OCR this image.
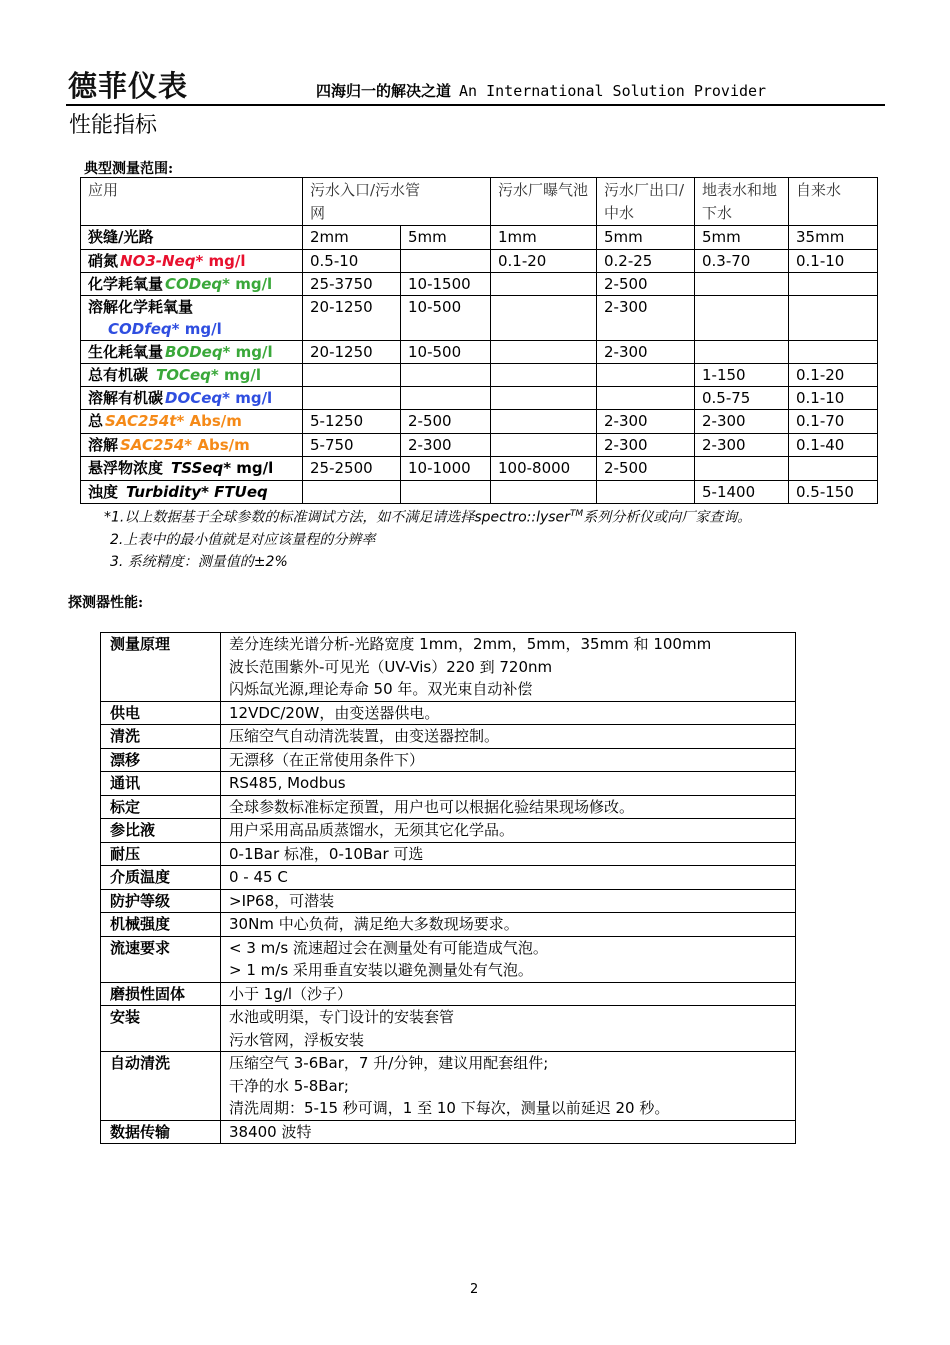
德菲仪表	四海归一的解决之道 An International Solution Provider
性能指标
典型测量范围:
应用	污水入口/污水管网		污水厂曝气池	污水厂出口/中水	地表水和地下水	自来水
狭缝/光路	2mm	5mm	1mm	5mm	5mm	35mm
硝氮 NO3-Neq* mg/l	0.5-10		0.1-20	0.2-25	0.3-70	0.1-10
化学耗氧量 CODeq* mg/l	25-3750	10-1500		2-500		
溶解化学耗氧量
CODfeq* mg/l	20-1250	10-500		2-300		
生化耗氧量 BODeq* mg/l	20-1250	10-500		2-300		
总有机碳 TOCeq* mg/l					1-150	0.1-20
溶解有机碳 DOCeq* mg/l					0.5-75	0.1-10
总 SAC254t* Abs/m	5-1250	2-500		2-300	2-300	0.1-70
溶解 SAC254* Abs/m	5-750	2-300		2-300	2-300	0.1-40
悬浮物浓度 TSSeq* mg/l	25-2500	10-1000	100-8000	2-500		
浊度 Turbidity* FTUeq					5-1400	0.5-150
*1.以上数据基于全球参数的标准调试方法，如不满足请选择spectro::lyser™系列分析仪或向厂家查询。
2.上表中的最小值就是对应该量程的分辨率
3. 系统精度：测量值的±2%
探测器性能:
测量原理	差分连续光谱分析-光路宽度 1mm，2mm，5mm，35mm 和 100mm
波长范围紫外-可见光（UV-Vis）220 到 720nm
闪烁氙光源,理论寿命 50 年。双光束自动补偿

供电	12VDC/20W，由变送器供电。

清洗	压缩空气自动清洗装置，由变送器控制。

漂移	无漂移（在正常使用条件下）

通讯	RS485, Modbus

标定	全球参数标准标定预置，用户也可以根据化验结果现场修改。

参比液	用户采用高品质蒸馏水，无须其它化学品。

耐压	0-1Bar 标准，0-10Bar 可选

介质温度	0 - 45 C

防护等级	>IP68，可潜装

机械强度	30Nm 中心负荷，满足绝大多数现场要求。

流速要求	< 3 m/s 流速超过会在测量处有可能造成气泡。
> 1 m/s 采用垂直安装以避免测量处有气泡。

磨损性固体	小于 1g/l（沙子）

安装	水池或明渠，专门设计的安装套管
污水管网，浮板安装

自动清洗	压缩空气 3-6Bar，7 升/分钟，建议用配套组件;
干净的水 5-8Bar;
清洗周期：5-15 秒可调，1 至 10 下每次，测量以前延迟 20 秒。

数据传输	38400 波特
2
